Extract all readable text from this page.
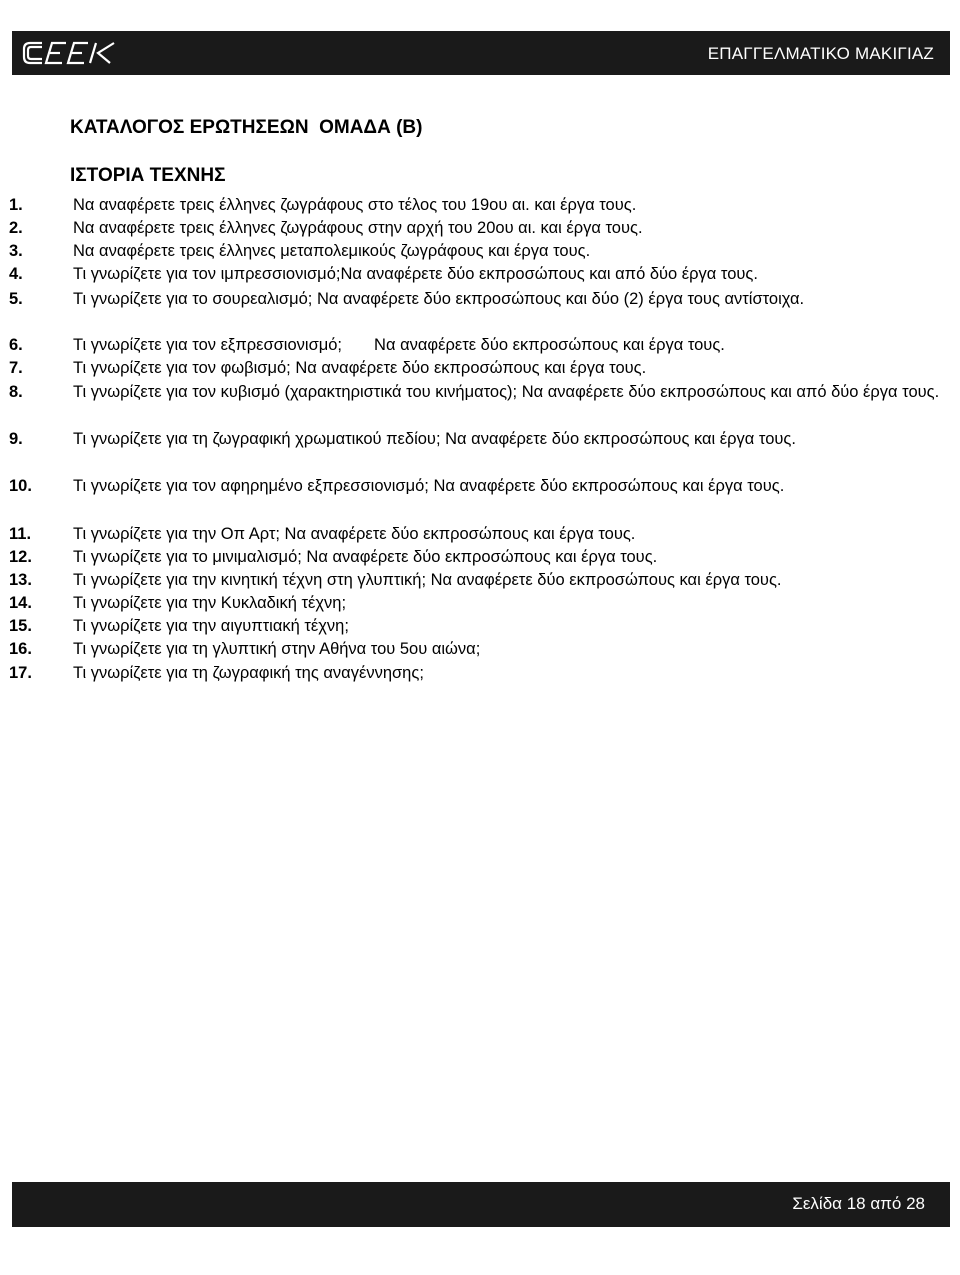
ΕΠΑΓΓΕΛΜΑΤΙΚΟ ΜΑΚΙΓΙΑΖ
ΚΑΤΑΛΟΓΟΣ ΕΡΩΤΗΣΕΩΝ  ΟΜΑΔΑ (Β)
ΙΣΤΟΡΙΑ ΤΕΧΝΗΣ
1.	Να αναφέρετε τρεις έλληνες ζωγράφους στο τέλος του 19ου αι. και έργα τους.
2.	Να αναφέρετε τρεις έλληνες ζωγράφους στην αρχή του 20ου αι. και έργα τους.
3.	Να αναφέρετε τρεις έλληνες μεταπολεμικούς ζωγράφους και έργα τους.
4.	Τι γνωρίζετε για τον ιμπρεσσιονισμό;Να αναφέρετε δύο εκπροσώπους και από δύο έργα τους.
5.	Τι γνωρίζετε για το σουρεαλισμό; Να αναφέρετε δύο εκπροσώπους και δύο (2) έργα τους αντίστοιχα.
6.	Τι γνωρίζετε για τον εξπρεσσιονισμό; Να αναφέρετε δύο εκπροσώπους και έργα τους.
7.	Τι γνωρίζετε για τον φωβισμό; Να αναφέρετε δύο εκπροσώπους και έργα τους.
8.	Τι γνωρίζετε για τον κυβισμό (χαρακτηριστικά του κινήματος); Να αναφέρετε δύο εκπροσώπους και από δύο έργα τους.
9.	Τι γνωρίζετε για τη ζωγραφική χρωματικού πεδίου; Να αναφέρετε δύο εκπροσώπους και έργα τους.
10. Τι γνωρίζετε για τον αφηρημένο εξπρεσσιονισμό; Να αναφέρετε δύο εκπροσώπους και έργα τους.
11.	Τι γνωρίζετε για την Οπ Αρτ; Να αναφέρετε δύο εκπροσώπους και έργα τους.
12. Τι γνωρίζετε για το μινιμαλισμό; Να αναφέρετε δύο εκπροσώπους και έργα τους.
13. Τι γνωρίζετε για την κινητική τέχνη στη γλυπτική; Να αναφέρετε δύο εκπροσώπους και έργα τους.
14. Τι γνωρίζετε για την Κυκλαδική τέχνη;
15. Τι γνωρίζετε για την αιγυπτιακή τέχνη;
16. Τι γνωρίζετε για τη γλυπτική στην Αθήνα του 5ου αιώνα;
17. Τι γνωρίζετε για τη ζωγραφική της αναγέννησης;
Σελίδα 18 από 28
